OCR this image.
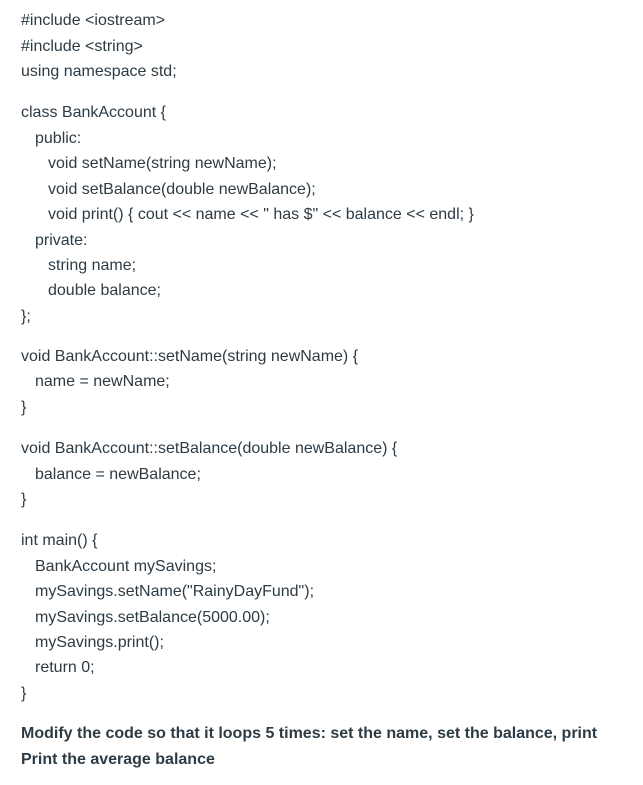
#include <iostream>
#include <string>
using namespace std;
class BankAccount {
public:
void setName(string newName);
void setBalance(double newBalance);
void print() { cout << name << " has $" << balance << endl; }
private:
string name;
double balance;
};
void BankAccount::setName(string newName) {
name = newName;
}
void BankAccount::setBalance(double newBalance) {
balance = newBalance;
}
int main() {
BankAccount mySavings;
mySavings.setName("RainyDayFund");
mySavings.setBalance(5000.00);
mySavings.print();
return 0;
}
Modify the code so that it loops 5 times: set the name, set the balance, print
Print the average balance
